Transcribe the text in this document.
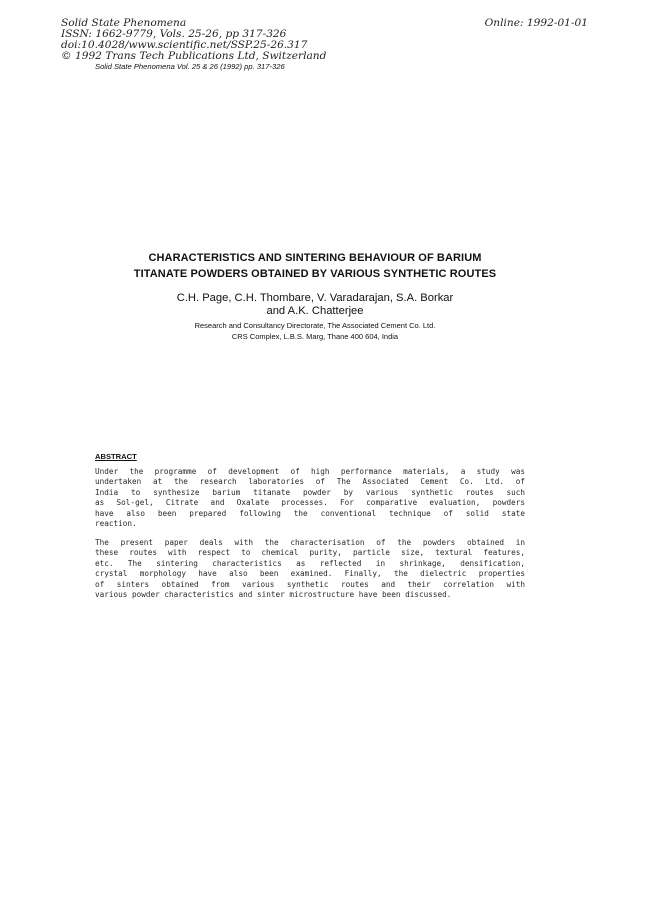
Solid State Phenomena
ISSN: 1662-9779, Vols. 25-26, pp 317-326
doi:10.4028/www.scientific.net/SSP.25-26.317
© 1992 Trans Tech Publications Ltd, Switzerland
Online: 1992-01-01
Solid State Phenomena Vol. 25 & 26 (1992) pp. 317-326
CHARACTERISTICS AND SINTERING BEHAVIOUR OF BARIUM
TITANATE POWDERS OBTAINED BY VARIOUS SYNTHETIC ROUTES
C.H. Page, C.H. Thombare, V. Varadarajan, S.A. Borkar
and A.K. Chatterjee
Research and Consultancy Directorate, The Associated Cement Co. Ltd.
CRS Complex, L.B.S. Marg, Thane 400 604, India
ABSTRACT
Under the programme of development of high performance materials, a study was
undertaken at the research laboratories of The Associated Cement Co. Ltd. of
India to synthesize barium titanate powder by various synthetic routes such
as Sol-gel, Citrate and Oxalate processes. For comparative evaluation, powders
have also been prepared following the conventional technique of solid state
reaction.
The present paper deals with the characterisation of the powders obtained in
these routes with respect to chemical purity, particle size, textural features,
etc. The sintering characteristics as reflected in shrinkage, densification,
crystal morphology have also been examined. Finally, the dielectric properties
of sinters obtained from various synthetic routes and their correlation with
various powder characteristics and sinter microstructure have been discussed.
